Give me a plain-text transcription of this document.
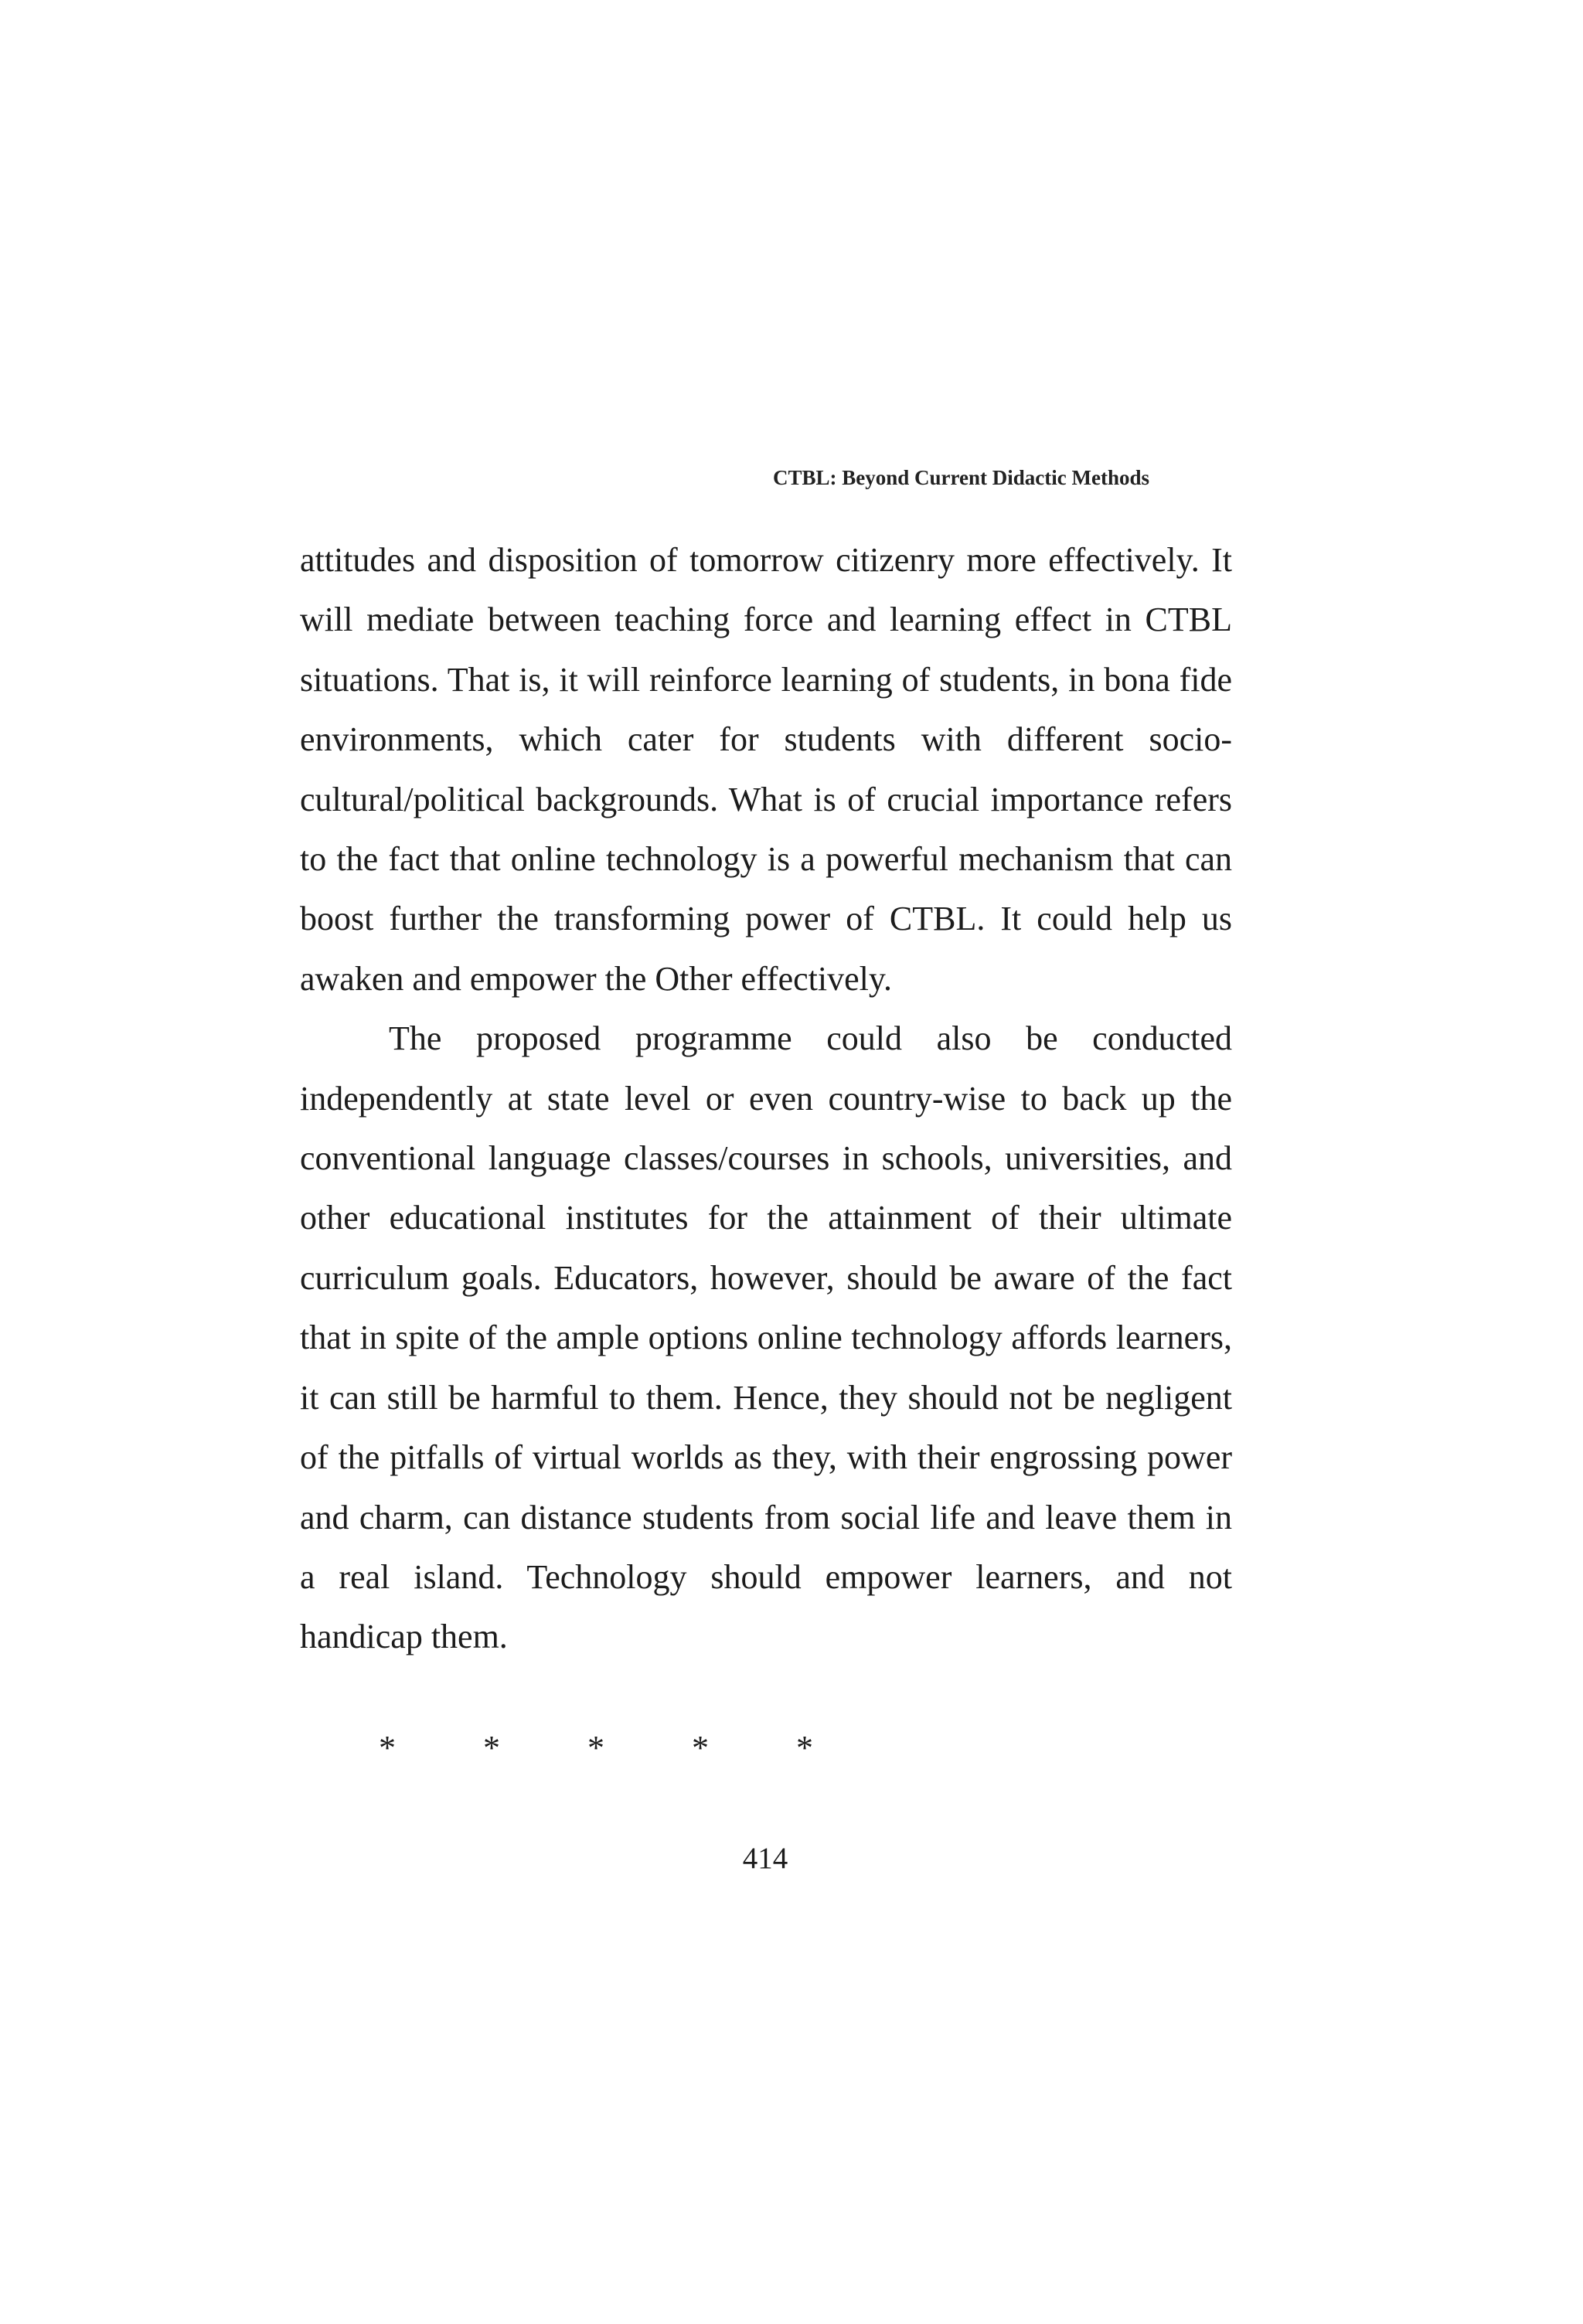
CTBL: Beyond Current Didactic Methods

attitudes and disposition of tomorrow citizenry more effectively. It will mediate between teaching force and learning effect in CTBL situations. That is, it will reinforce learning of students, in bona fide environments, which cater for students with different socio-cultural/political backgrounds. What is of crucial importance refers to the fact that online technology is a powerful mechanism that can boost further the transforming power of CTBL. It could help us awaken and empower the Other effectively.

The proposed programme could also be conducted independently at state level or even country-wise to back up the conventional language classes/courses in schools, universities, and other educational institutes for the attainment of their ultimate curriculum goals. Educators, however, should be aware of the fact that in spite of the ample options online technology affords learners, it can still be harmful to them. Hence, they should not be negligent of the pitfalls of virtual worlds as they, with their engrossing power and charm, can distance students from social life and leave them in a real island. Technology should empower learners, and not handicap them.

*	*	*	*	*
414
